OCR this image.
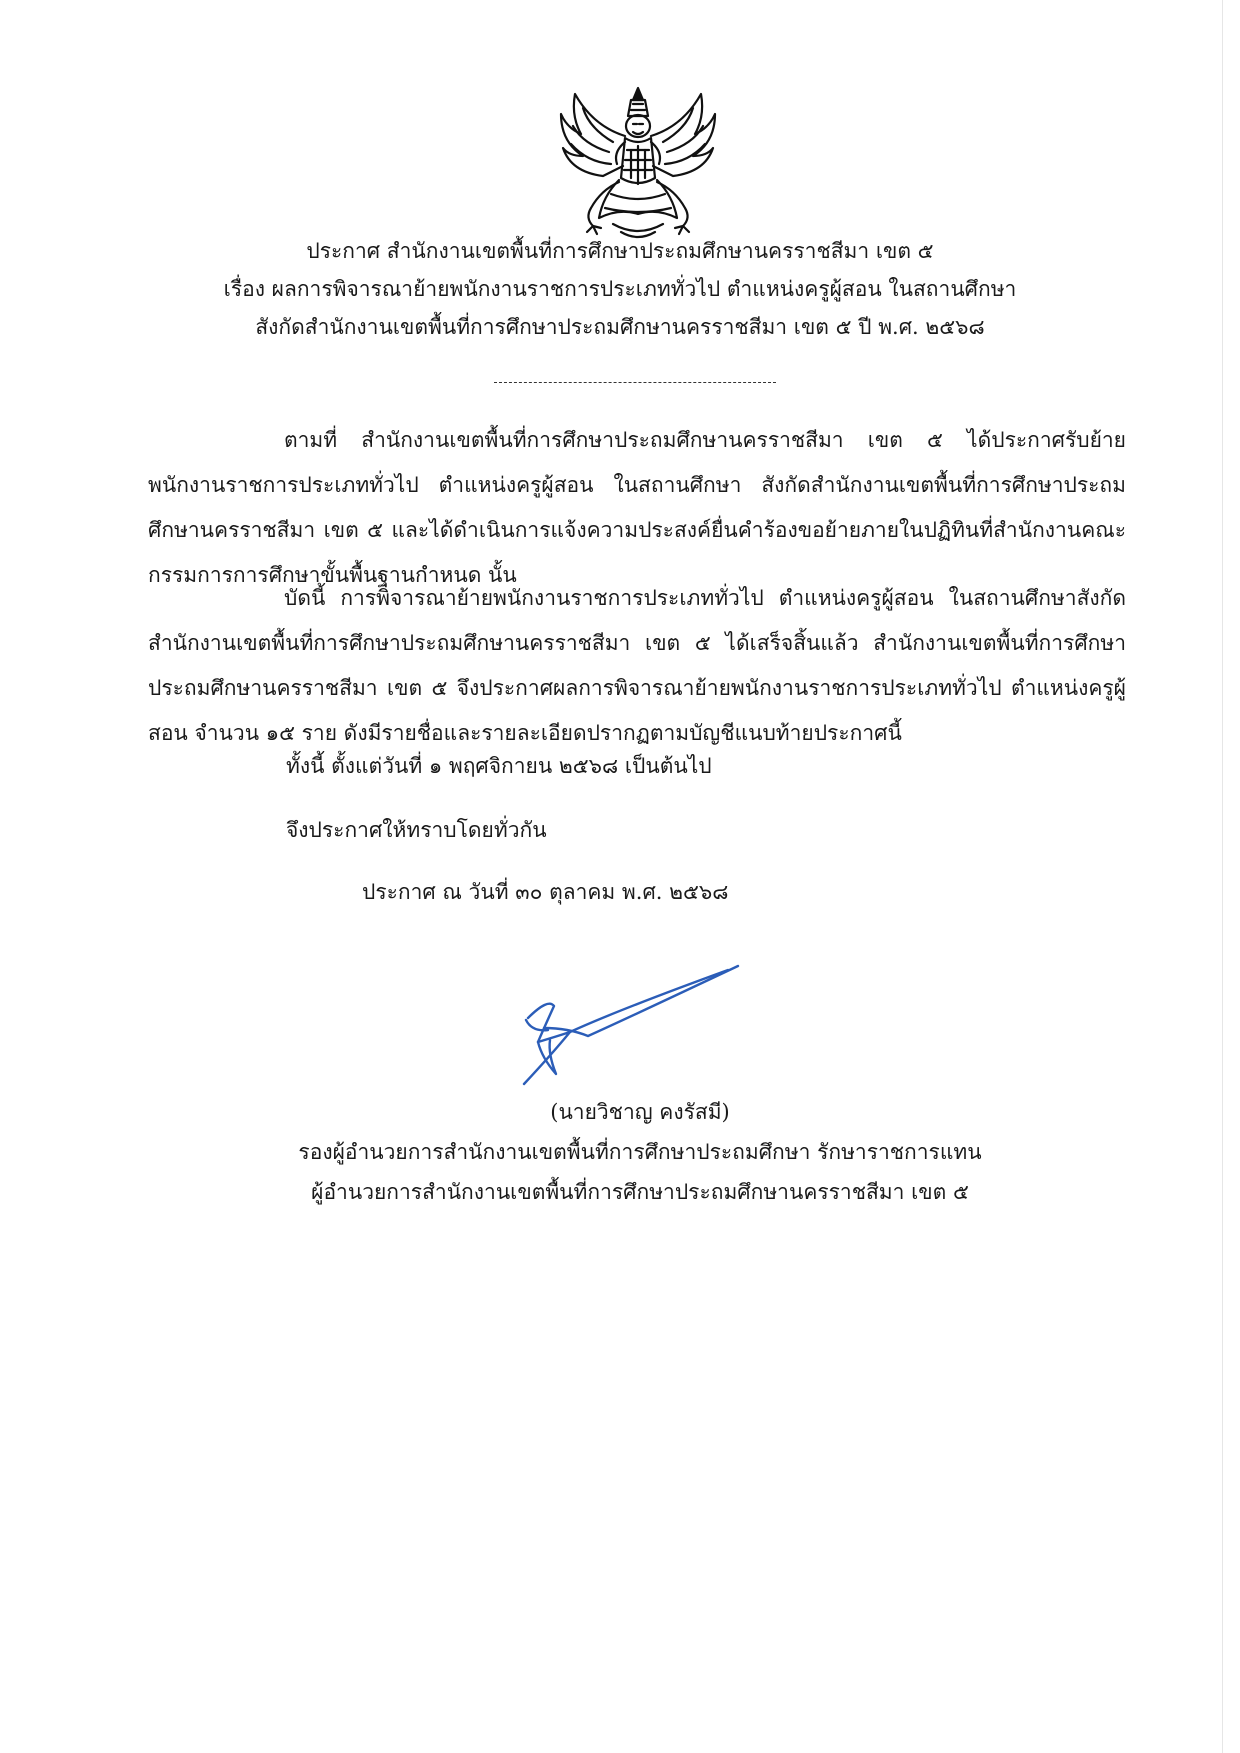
ประกาศ สำนักงานเขตพื้นที่การศึกษาประถมศึกษานครราชสีมา เขต ๕
เรื่อง ผลการพิจารณาย้ายพนักงานราชการประเภททั่วไป ตำแหน่งครูผู้สอน ในสถานศึกษา
สังกัดสำนักงานเขตพื้นที่การศึกษาประถมศึกษานครราชสีมา เขต ๕ ปี พ.ศ. ๒๕๖๘
ตามที่ สำนักงานเขตพื้นที่การศึกษาประถมศึกษานครราชสีมา เขต ๕ ได้ประกาศรับย้ายพนักงานราชการประเภททั่วไป ตำแหน่งครูผู้สอน ในสถานศึกษา สังกัดสำนักงานเขตพื้นที่การศึกษาประถมศึกษานครราชสีมา เขต ๕ และได้ดำเนินการแจ้งความประสงค์ยื่นคำร้องขอย้ายภายในปฏิทินที่สำนักงานคณะกรรมการการศึกษาขั้นพื้นฐานกำหนด นั้น
บัดนี้ การพิจารณาย้ายพนักงานราชการประเภททั่วไป ตำแหน่งครูผู้สอน ในสถานศึกษาสังกัดสำนักงานเขตพื้นที่การศึกษาประถมศึกษานครราชสีมา เขต ๕ ได้เสร็จสิ้นแล้ว สำนักงานเขตพื้นที่การศึกษาประถมศึกษานครราชสีมา เขต ๕ จึงประกาศผลการพิจารณาย้ายพนักงานราชการประเภททั่วไป ตำแหน่งครูผู้สอน จำนวน ๑๕ ราย ดังมีรายชื่อและรายละเอียดปรากฏตามบัญชีแนบท้ายประกาศนี้
ทั้งนี้ ตั้งแต่วันที่ ๑ พฤศจิกายน ๒๕๖๘ เป็นต้นไป
จึงประกาศให้ทราบโดยทั่วกัน
ประกาศ ณ วันที่ ๓๐ ตุลาคม พ.ศ. ๒๕๖๘
(นายวิชาญ คงรัสมี)
รองผู้อำนวยการสำนักงานเขตพื้นที่การศึกษาประถมศึกษา รักษาราชการแทน
ผู้อำนวยการสำนักงานเขตพื้นที่การศึกษาประถมศึกษานครราชสีมา เขต ๕
